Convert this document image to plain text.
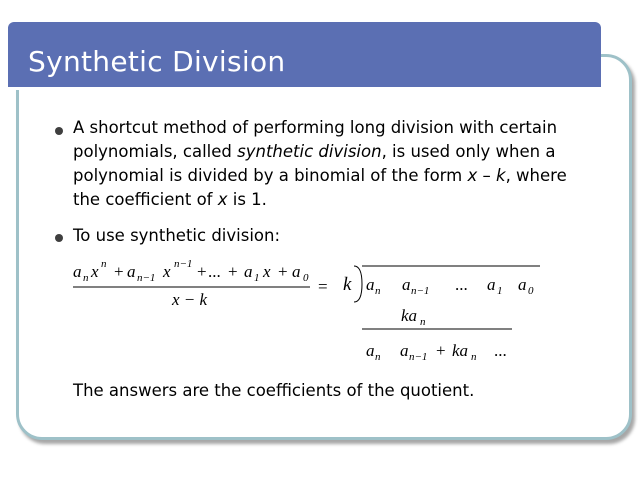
Synthetic Division
A shortcut method of performing long division with certain polynomials, called synthetic division, is used only when a polynomial is divided by a binomial of the form x – k, where the coefficient of x is 1.
To use synthetic division:
a n x n + a n−1 x n−1 + ... + a 1 x + a 0
x − k
= k a n a n−1 ... a 1 a 0
ka n
a n a n−1 + ka n ...
The answers are the coefficients of the quotient.
